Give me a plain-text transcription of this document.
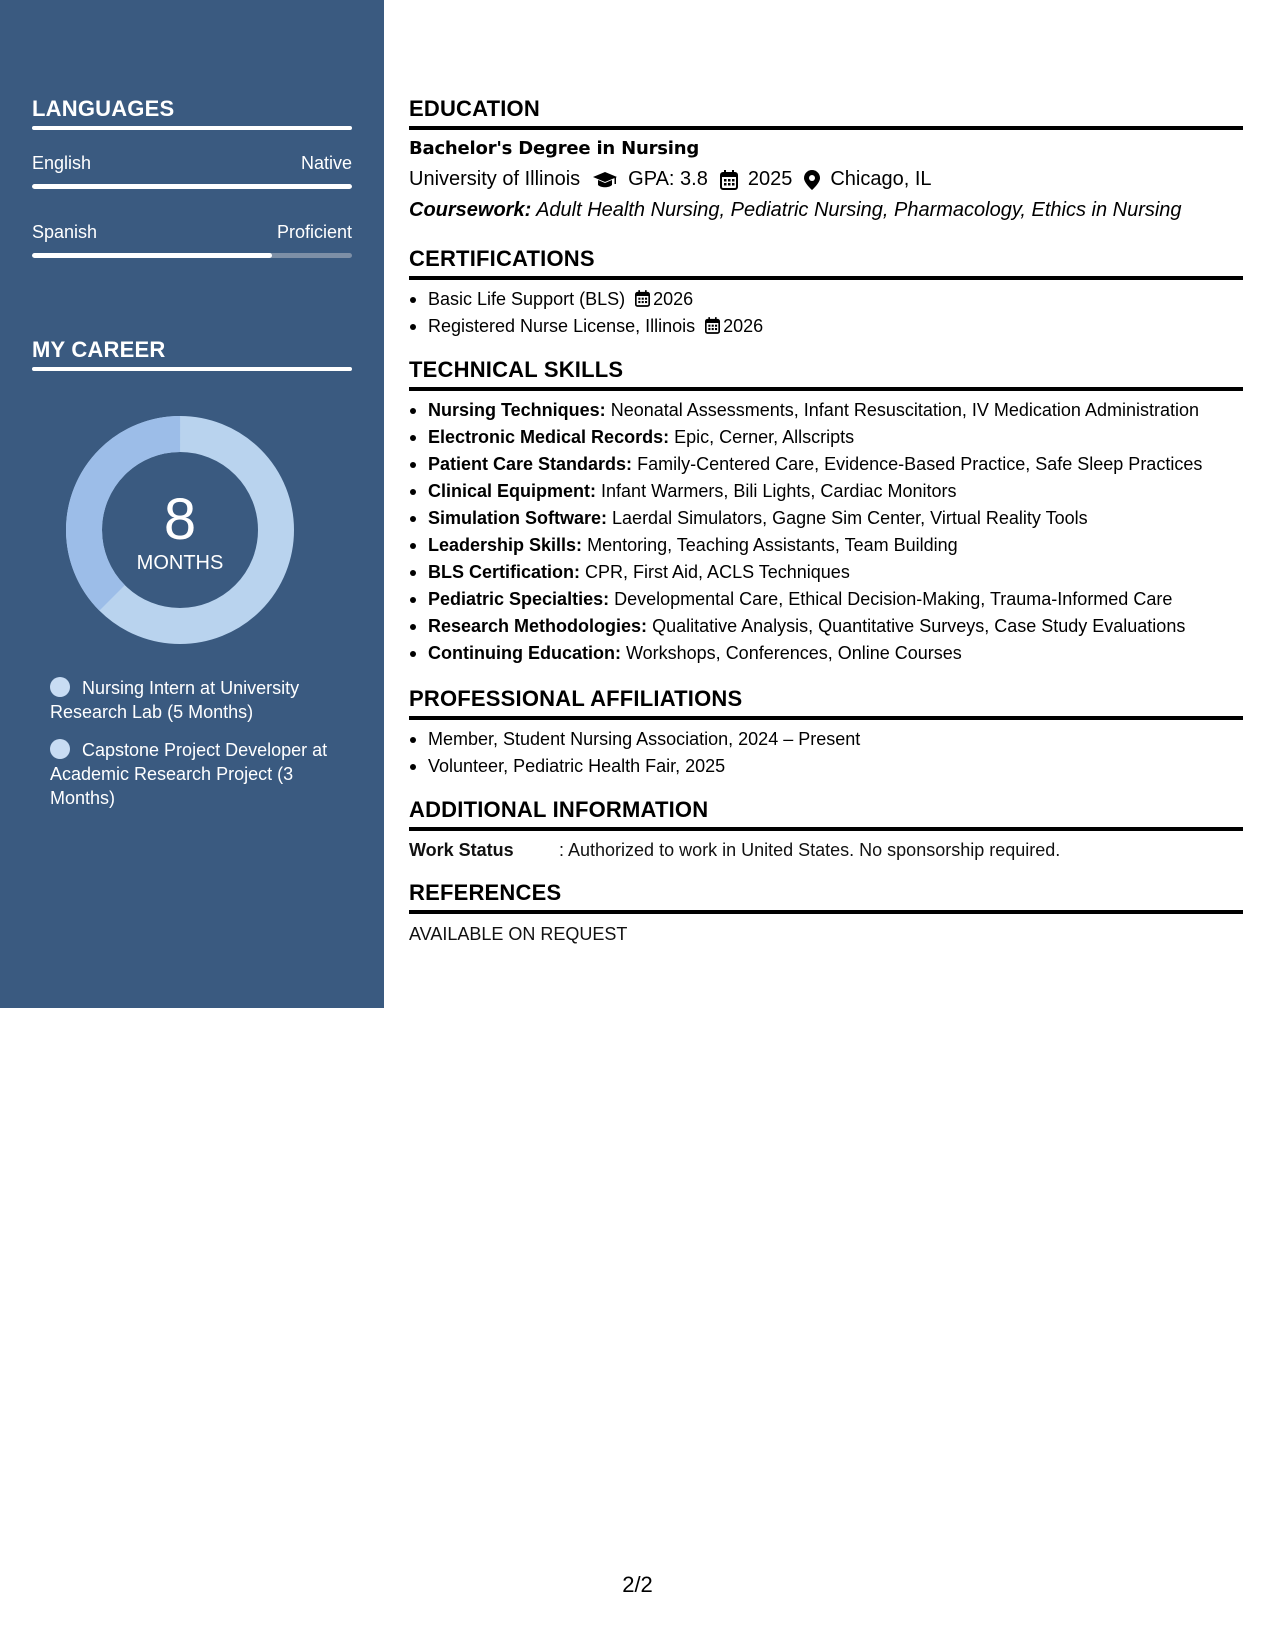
LANGUAGES
English	Native
Spanish	Proficient
MY CAREER
8
MONTHS
Nursing Intern at University Research Lab (5 Months)
Capstone Project Developer at Academic Research Project (3 Months)
EDUCATION
Bachelor's Degree in Nursing
University of Illinois GPA: 3.8 2025 Chicago, IL
Coursework: Adult Health Nursing, Pediatric Nursing, Pharmacology, Ethics in Nursing
CERTIFICATIONS
Basic Life Support (BLS) 2026
Registered Nurse License, Illinois 2026
TECHNICAL SKILLS
Nursing Techniques: Neonatal Assessments, Infant Resuscitation, IV Medication Administration
Electronic Medical Records: Epic, Cerner, Allscripts
Patient Care Standards: Family-Centered Care, Evidence-Based Practice, Safe Sleep Practices
Clinical Equipment: Infant Warmers, Bili Lights, Cardiac Monitors
Simulation Software: Laerdal Simulators, Gagne Sim Center, Virtual Reality Tools
Leadership Skills: Mentoring, Teaching Assistants, Team Building
BLS Certification: CPR, First Aid, ACLS Techniques
Pediatric Specialties: Developmental Care, Ethical Decision-Making, Trauma-Informed Care
Research Methodologies: Qualitative Analysis, Quantitative Surveys, Case Study Evaluations
Continuing Education: Workshops, Conferences, Online Courses
PROFESSIONAL AFFILIATIONS
Member, Student Nursing Association, 2024 – Present
Volunteer, Pediatric Health Fair, 2025
ADDITIONAL INFORMATION
Work Status	: Authorized to work in United States. No sponsorship required.
REFERENCES
AVAILABLE ON REQUEST
2/2
